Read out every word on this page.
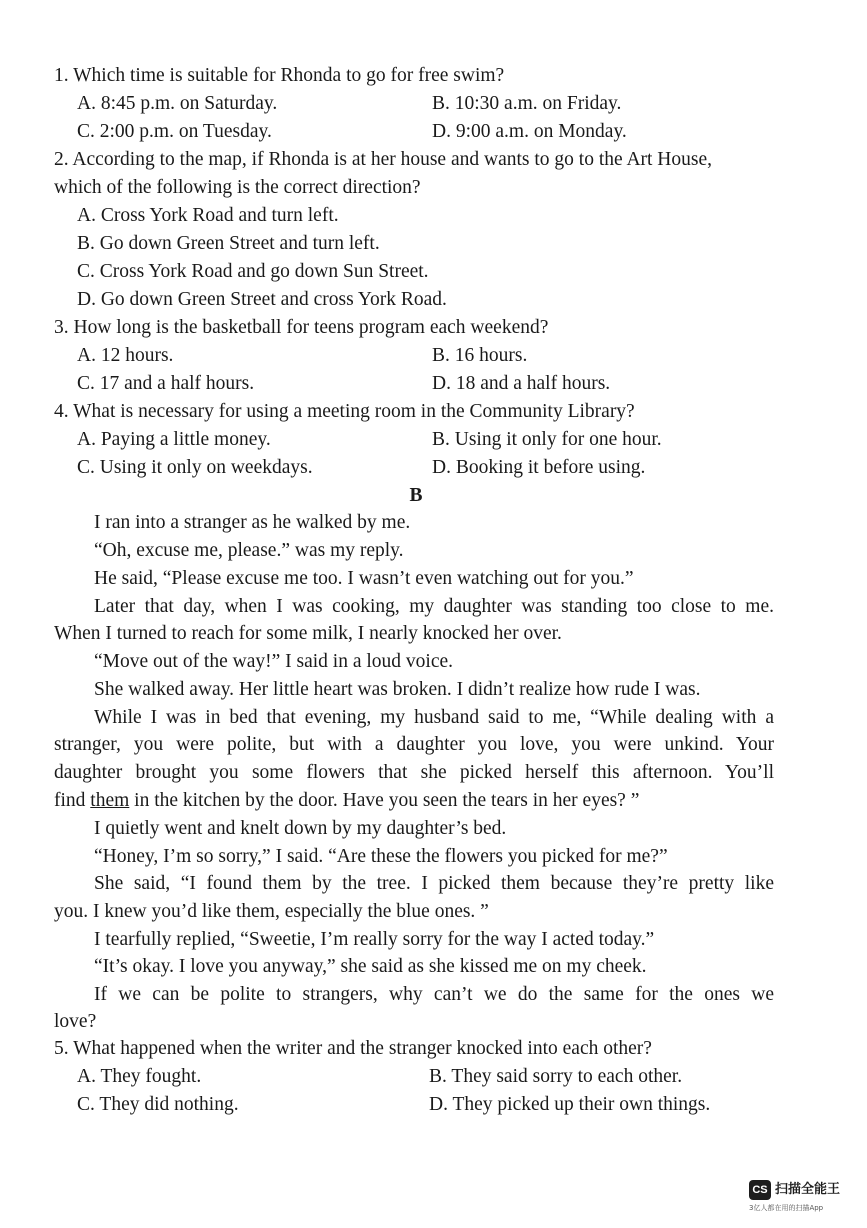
1. Which time is suitable for Rhonda to go for free swim?
A. 8:45 p.m. on Saturday.	B. 10:30 a.m. on Friday.
C. 2:00 p.m. on Tuesday.	D. 9:00 a.m. on Monday.
2. According to the map, if Rhonda is at her house and wants to go to the Art House,
which of the following is the correct direction?
A. Cross York Road and turn left.
B. Go down Green Street and turn left.
C. Cross York Road and go down Sun Street.
D. Go down Green Street and cross York Road.
3. How long is the basketball for teens program each weekend?
A. 12 hours.	B. 16 hours.
C. 17 and a half hours.	D. 18 and a half hours.
4. What is necessary for using a meeting room in the Community Library?
A. Paying a little money.	B. Using it only for one hour.
C. Using it only on weekdays.	D. Booking it before using.
B
I ran into a stranger as he walked by me.
“Oh, excuse me, please.” was my reply.
He said, “Please excuse me too. I wasn’t even watching out for you.”
Later that day, when I was cooking, my daughter was standing too close to me.
When I turned to reach for some milk, I nearly knocked her over.
“Move out of the way!” I said in a loud voice.
She walked away. Her little heart was broken. I didn’t realize how rude I was.
While I was in bed that evening, my husband said to me, “While dealing with a
stranger, you were polite, but with a daughter you love, you were unkind. Your
daughter brought you some flowers that she picked herself this afternoon. You’ll
find them in the kitchen by the door. Have you seen the tears in her eyes? ”
I quietly went and knelt down by my daughter’s bed.
“Honey, I’m so sorry,” I said. “Are these the flowers you picked for me?”
She said, “I found them by the tree. I picked them because they’re pretty like
you. I knew you’d like them, especially the blue ones. ”
I tearfully replied, “Sweetie, I’m really sorry for the way I acted today.”
“It’s okay. I love you anyway,” she said as she kissed me on my cheek.
If we can be polite to strangers, why can’t we do the same for the ones we
love?
5. What happened when the writer and the stranger knocked into each other?
A. They fought.	B. They said sorry to each other.
C. They did nothing.	D. They picked up their own things.
CS 扫描全能王
3亿人都在用的扫描App
